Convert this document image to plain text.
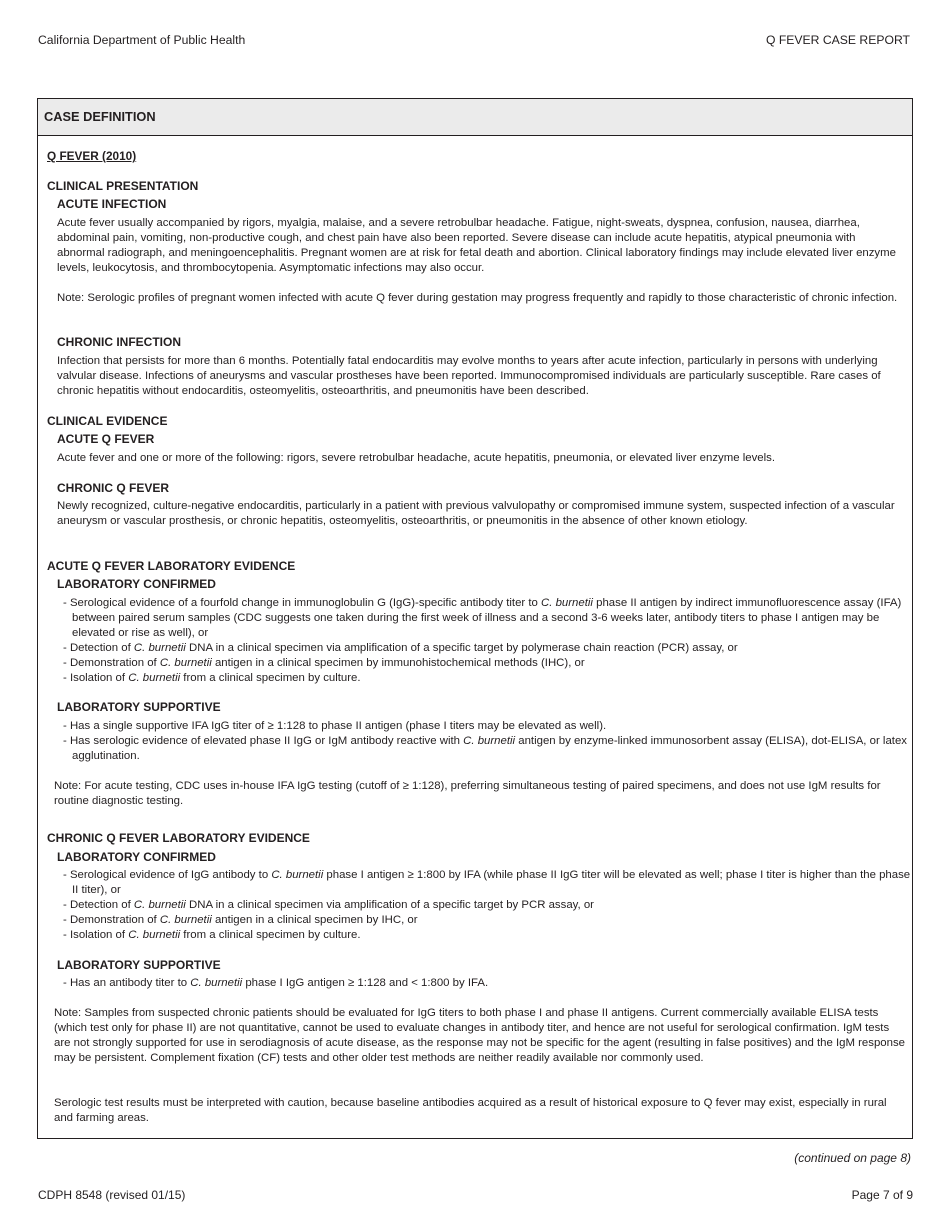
California Department of Public Health	Q FEVER CASE REPORT
CASE DEFINITION
Q FEVER (2010)
CLINICAL PRESENTATION
ACUTE INFECTION
Acute fever usually accompanied by rigors, myalgia, malaise, and a severe retrobulbar headache. Fatigue, night-sweats, dyspnea, confusion, nausea, diarrhea, abdominal pain, vomiting, non-productive cough, and chest pain have also been reported. Severe disease can include acute hepatitis, atypical pneumonia with abnormal radiograph, and meningoencephalitis. Pregnant women are at risk for fetal death and abortion. Clinical laboratory findings may include elevated liver enzyme levels, leukocytosis, and thrombocytopenia. Asymptomatic infections may also occur.
Note: Serologic profiles of pregnant women infected with acute Q fever during gestation may progress frequently and rapidly to those characteristic of chronic infection.
CHRONIC INFECTION
Infection that persists for more than 6 months. Potentially fatal endocarditis may evolve months to years after acute infection, particularly in persons with underlying valvular disease. Infections of aneurysms and vascular prostheses have been reported. Immunocompromised individuals are particularly susceptible. Rare cases of chronic hepatitis without endocarditis, osteomyelitis, osteoarthritis, and pneumonitis have been described.
CLINICAL EVIDENCE
ACUTE Q FEVER
Acute fever and one or more of the following: rigors, severe retrobulbar headache, acute hepatitis, pneumonia, or elevated liver enzyme levels.
CHRONIC Q FEVER
Newly recognized, culture-negative endocarditis, particularly in a patient with previous valvulopathy or compromised immune system, suspected infection of a vascular aneurysm or vascular prosthesis, or chronic hepatitis, osteomyelitis, osteoarthritis, or pneumonitis in the absence of other known etiology.
ACUTE Q FEVER LABORATORY EVIDENCE
LABORATORY CONFIRMED
- Serological evidence of a fourfold change in immunoglobulin G (IgG)-specific antibody titer to C. burnetii phase II antigen by indirect immunofluorescence assay (IFA) between paired serum samples (CDC suggests one taken during the first week of illness and a second 3-6 weeks later, antibody titers to phase I antigen may be elevated or rise as well), or
- Detection of C. burnetii DNA in a clinical specimen via amplification of a specific target by polymerase chain reaction (PCR) assay, or
- Demonstration of C. burnetii antigen in a clinical specimen by immunohistochemical methods (IHC), or
- Isolation of C. burnetii from a clinical specimen by culture.
LABORATORY SUPPORTIVE
- Has a single supportive IFA IgG titer of ≥ 1:128 to phase II antigen (phase I titers may be elevated as well).
- Has serologic evidence of elevated phase II IgG or IgM antibody reactive with C. burnetii antigen by enzyme-linked immunosorbent assay (ELISA), dot-ELISA, or latex agglutination.
Note: For acute testing, CDC uses in-house IFA IgG testing (cutoff of ≥ 1:128), preferring simultaneous testing of paired specimens, and does not use IgM results for routine diagnostic testing.
CHRONIC Q FEVER LABORATORY EVIDENCE
LABORATORY CONFIRMED
- Serological evidence of IgG antibody to C. burnetii phase I antigen ≥ 1:800 by IFA (while phase II IgG titer will be elevated as well; phase I titer is higher than the phase II titer), or
- Detection of C. burnetii DNA in a clinical specimen via amplification of a specific target by PCR assay, or
- Demonstration of C. burnetii antigen in a clinical specimen by IHC, or
- Isolation of C. burnetii from a clinical specimen by culture.
LABORATORY SUPPORTIVE
- Has an antibody titer to C. burnetii phase I IgG antigen ≥ 1:128 and < 1:800 by IFA.
Note: Samples from suspected chronic patients should be evaluated for IgG titers to both phase I and phase II antigens. Current commercially available ELISA tests (which test only for phase II) are not quantitative, cannot be used to evaluate changes in antibody titer, and hence are not useful for serological confirmation. IgM tests are not strongly supported for use in serodiagnosis of acute disease, as the response may not be specific for the agent (resulting in false positives) and the IgM response may be persistent. Complement fixation (CF) tests and other older test methods are neither readily available nor commonly used.
Serologic test results must be interpreted with caution, because baseline antibodies acquired as a result of historical exposure to Q fever may exist, especially in rural and farming areas.
(continued on page 8)
CDPH 8548 (revised 01/15)	Page 7 of 9
